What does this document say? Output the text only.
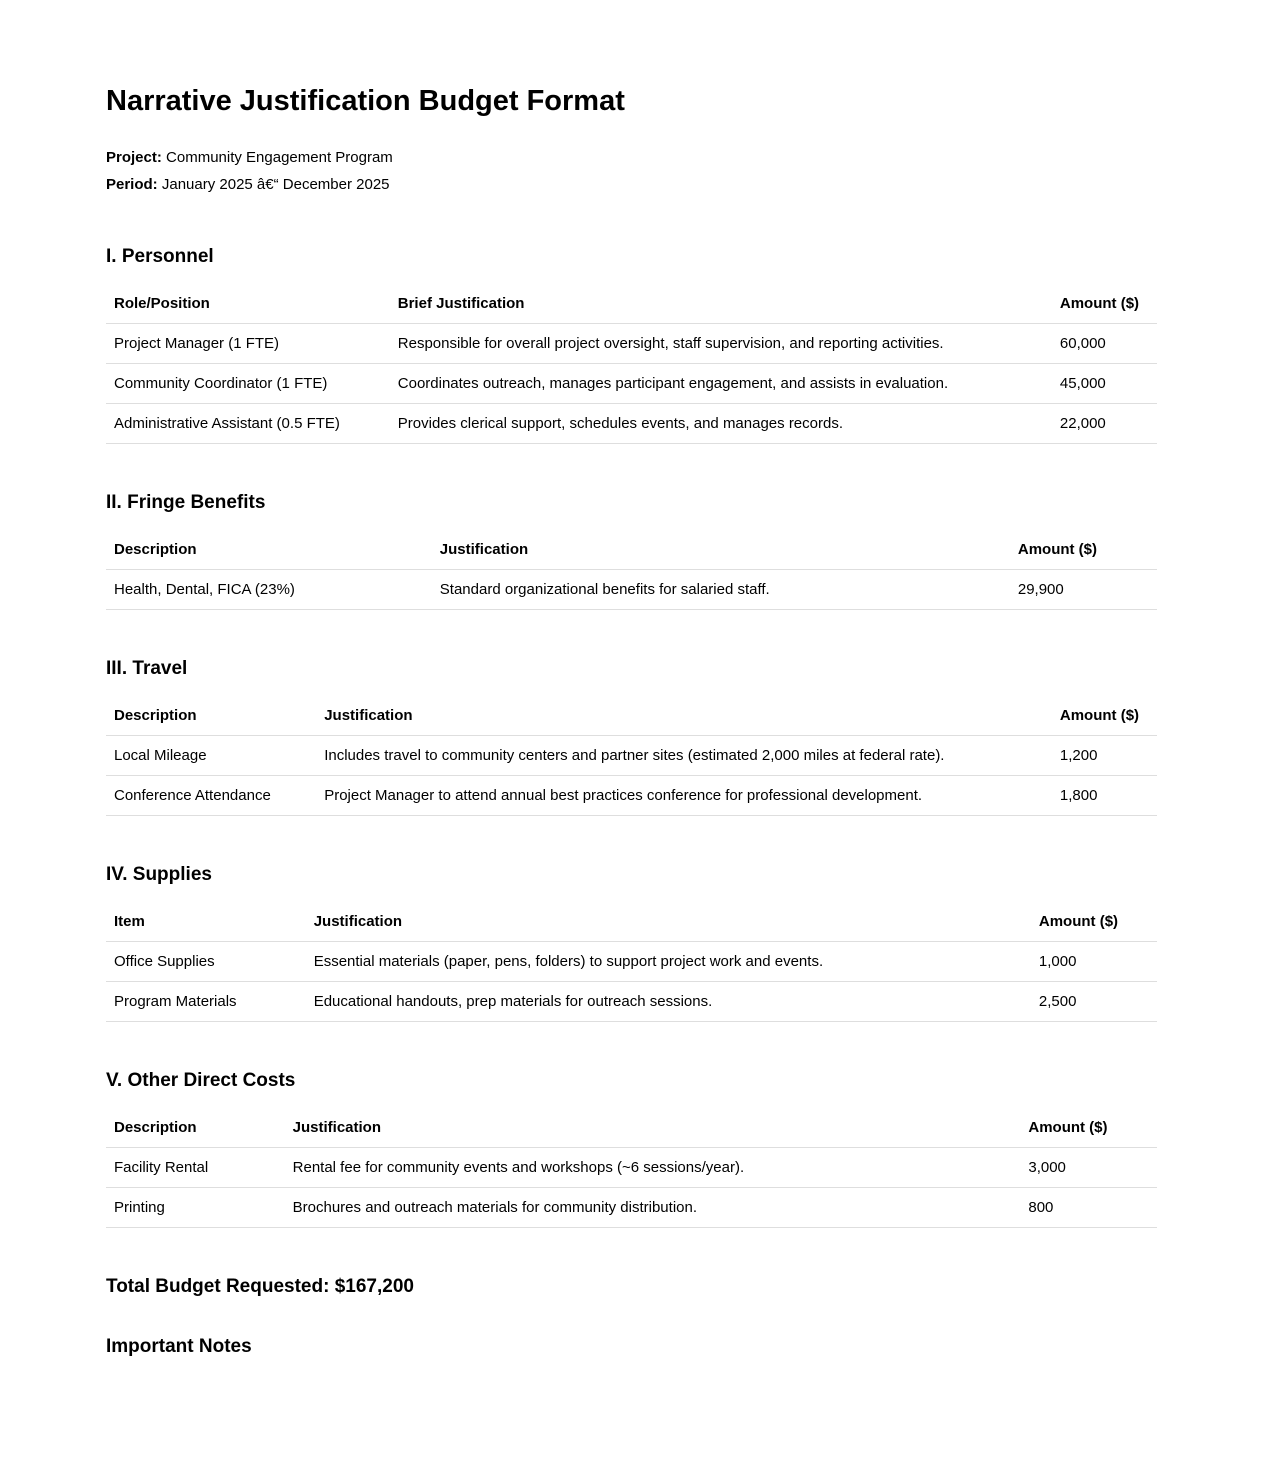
Narrative Justification Budget Format

Project: Community Engagement Program

Period: January 2025 â€“ December 2025

I. Personnel
Role/Position	Brief Justification	Amount ($)
Project Manager (1 FTE)	Responsible for overall project oversight, staff supervision, and reporting activities.	60,000
Community Coordinator (1 FTE)	Coordinates outreach, manages participant engagement, and assists in evaluation.	45,000
Administrative Assistant (0.5 FTE)	Provides clerical support, schedules events, and manages records.	22,000
II. Fringe Benefits
Description	Justification	Amount ($)
Health, Dental, FICA (23%)	Standard organizational benefits for salaried staff.	29,900
III. Travel
Description	Justification	Amount ($)
Local Mileage	Includes travel to community centers and partner sites (estimated 2,000 miles at federal rate).	1,200
Conference Attendance	Project Manager to attend annual best practices conference for professional development.	1,800
IV. Supplies
Item	Justification	Amount ($)
Office Supplies	Essential materials (paper, pens, folders) to support project work and events.	1,000
Program Materials	Educational handouts, prep materials for outreach sessions.	2,500
V. Other Direct Costs
Description	Justification	Amount ($)
Facility Rental	Rental fee for community events and workshops (~6 sessions/year).	3,000
Printing	Brochures and outreach materials for community distribution.	800
Total Budget Requested: $167,200
Important Notes
